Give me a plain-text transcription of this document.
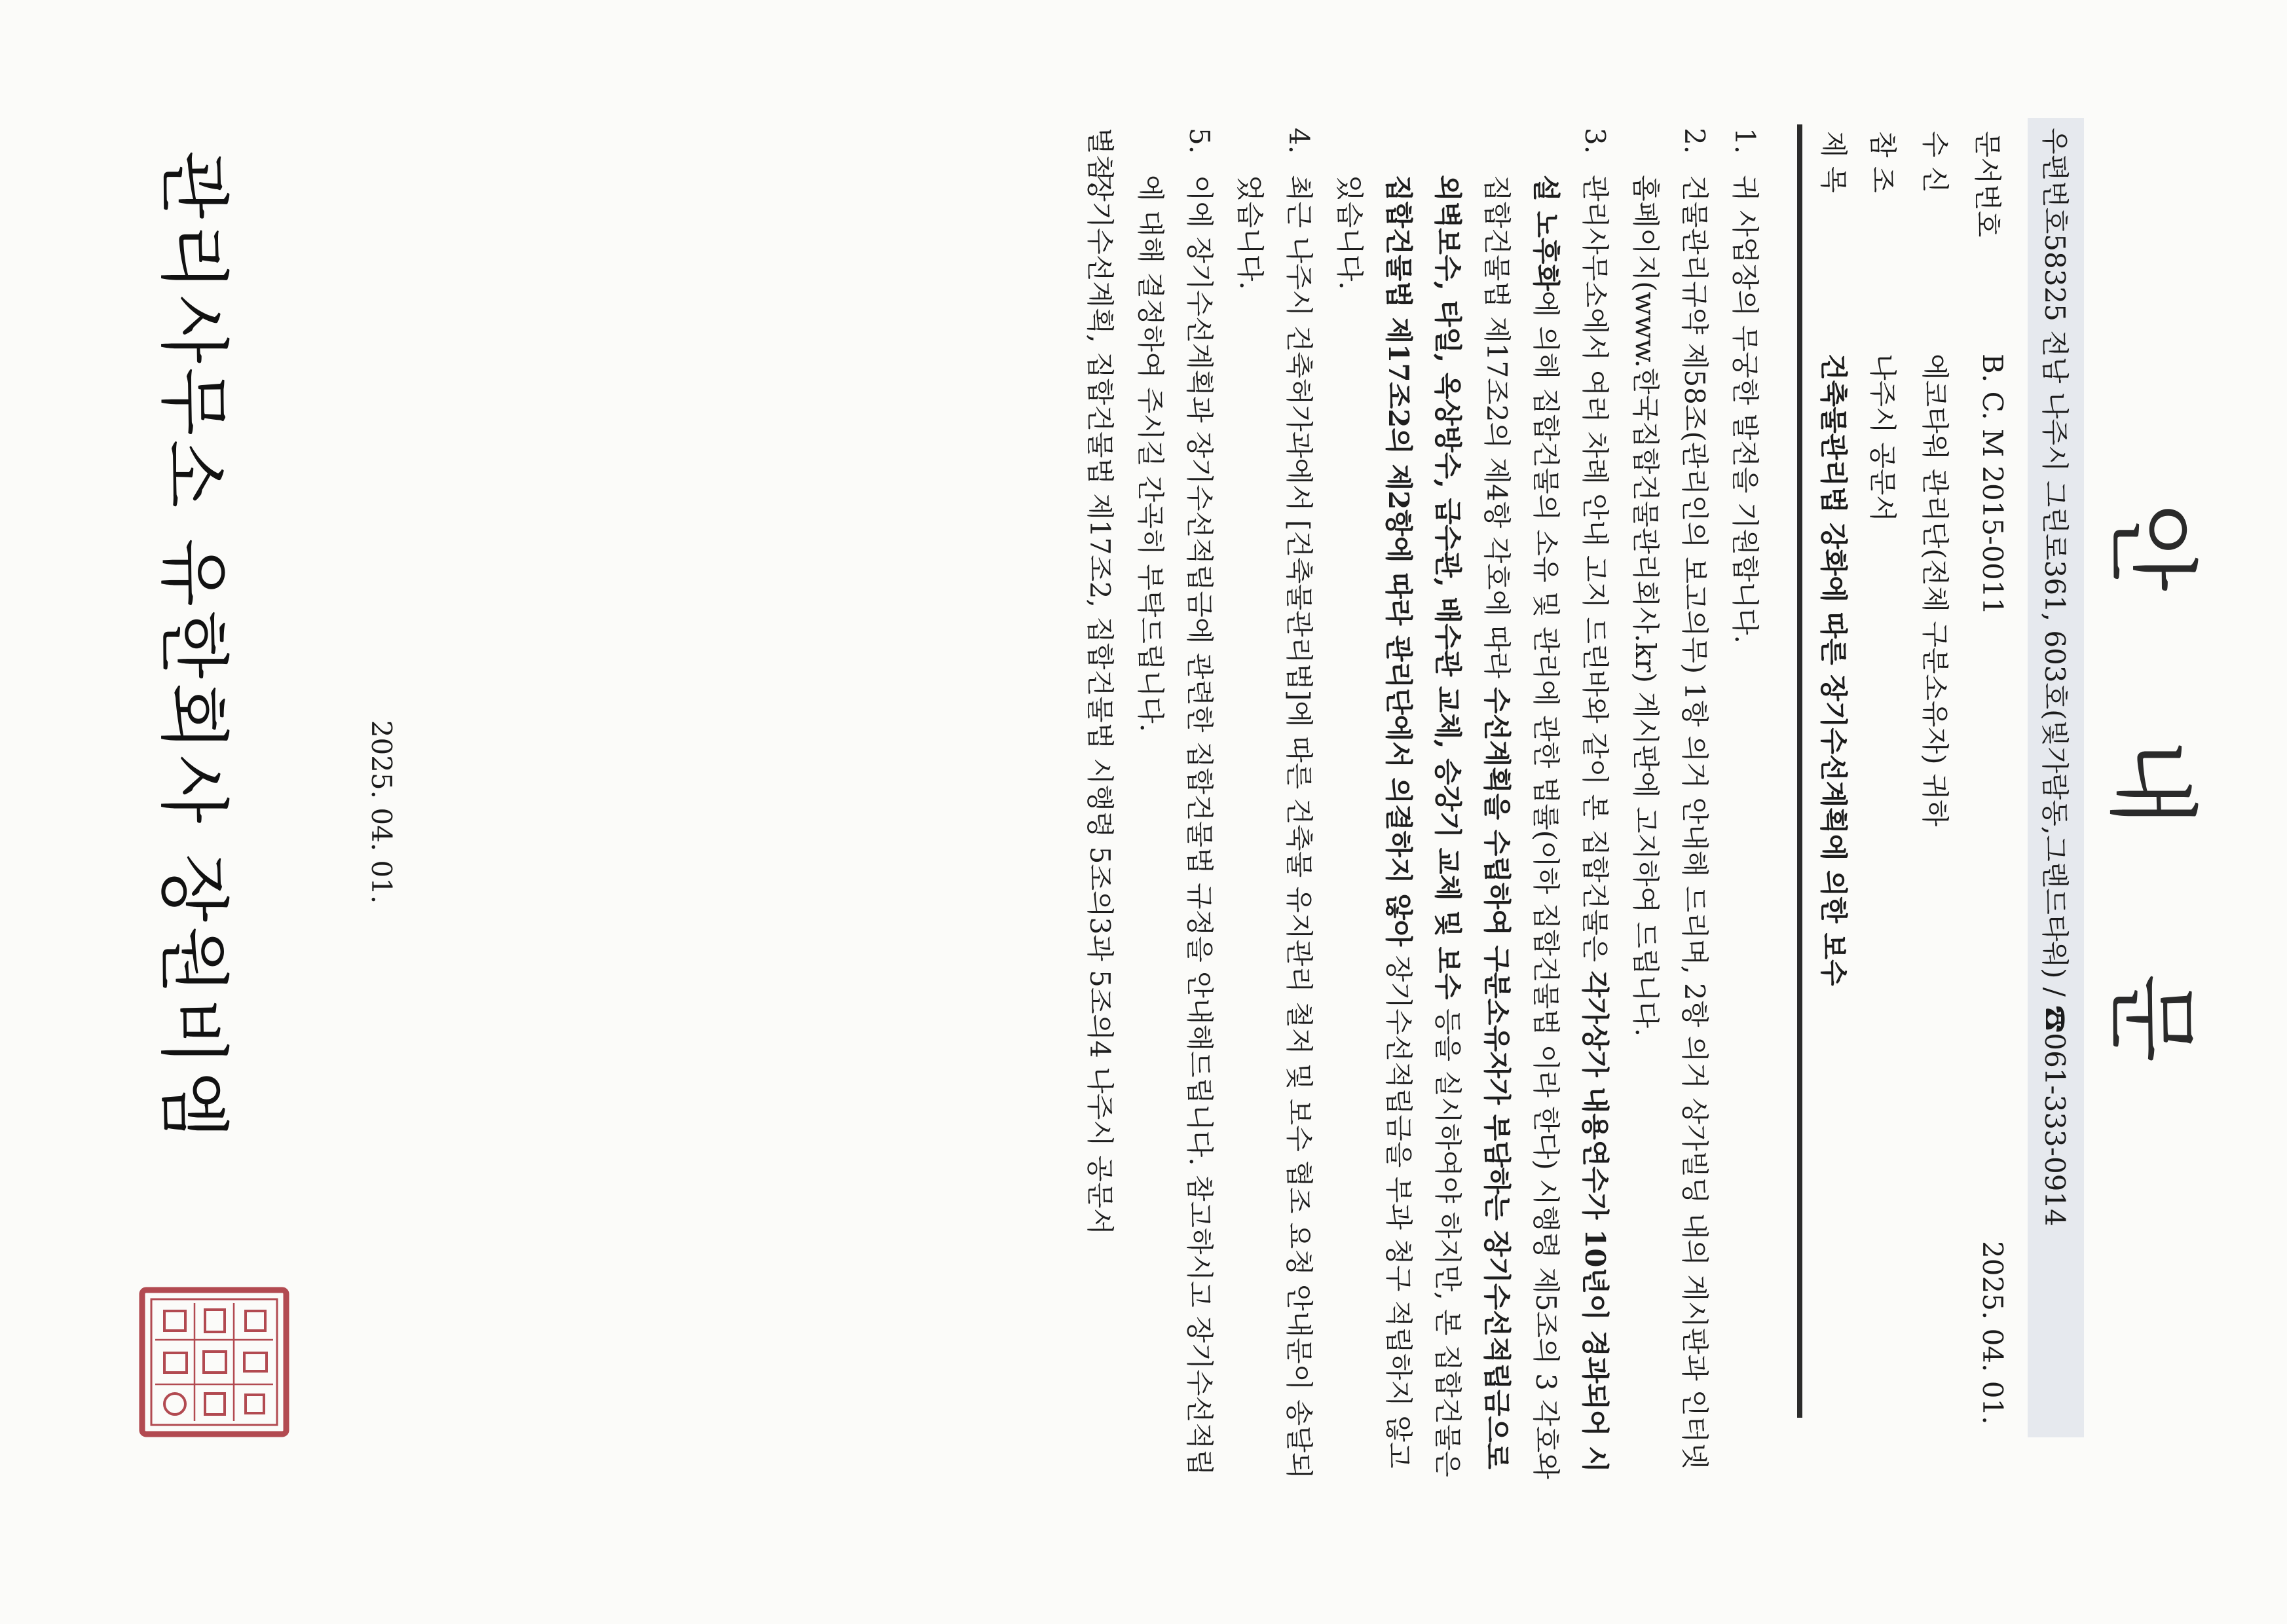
안 내 문
우편번호58325 전남 나주시 그린로361, 603호(빛가람동,그랜드타워) / ☎061-333-0914
문서번호
B. C. M 2015-0011
2025. 04. 01.
수 신
에코타워 관리단(전체 구분소유자) 귀하
참 조
나주시 공문서
제 목
건축물관리법 강화에 따른 장기수선계획에 의한 보수
1.

귀 사업장의 무궁한 발전을 기원합니다.

2.

건물관리규약 제58조(관리인의 보고의무) 1항 의거 안내해 드리며, 2항 의거 상가빌딩 내의 게시판과 인터넷 홈페이지(www.한국집합건물관리회사.kr) 게시판에 고지하여 드립니다.

3.

관리사무소에서 여러 차례 안내 고지 드린바와 같이 본 집합건물은 각가상가 내용연수가 10년이 경과되어 시설 노후화에 의해 집합건물의 소유 및 관리에 관한 법률(이하 집합건물법 이라 한다) 시행령 제5조의 3 각호와 집합건물법 제17조2의 제4항 각호에 따라 수선계획을 수립하여 구분소유자가 부담하는 장기수선적립금으로 외벽보수, 타일, 옥상방수, 급수관, 배수관 교체, 승강기 교체 및 보수 등을 실시하여야 하지만, 본 집합건물은 집합건물법 제17조2의 제2항에 따라 관리단에서 의결하지 않아 장기수선적립금을 부과 청구 적립하지 않고 있습니다.

4.

최근 나주시 건축허가과에서 [건축물관리법]에 따른 건축물 유지관리 철저 및 보수 협조 요청 안내문이 송달되었습니다.

5.

이에 장기수선계획과 장기수선적립금에 관련한 집합건물법 규정을 안내해드립니다. 참고하시고 장기수선적립에 대해 결정하여 주시길 간곡히 부탁드립니다.

별첨.
장기수선계획, 집합건물법 제17조2, 집합건물법 시행령 5조의3과 5조의4 나주시 공문서
2025. 04. 01.
관리사무소 유한회사 장원비엠
